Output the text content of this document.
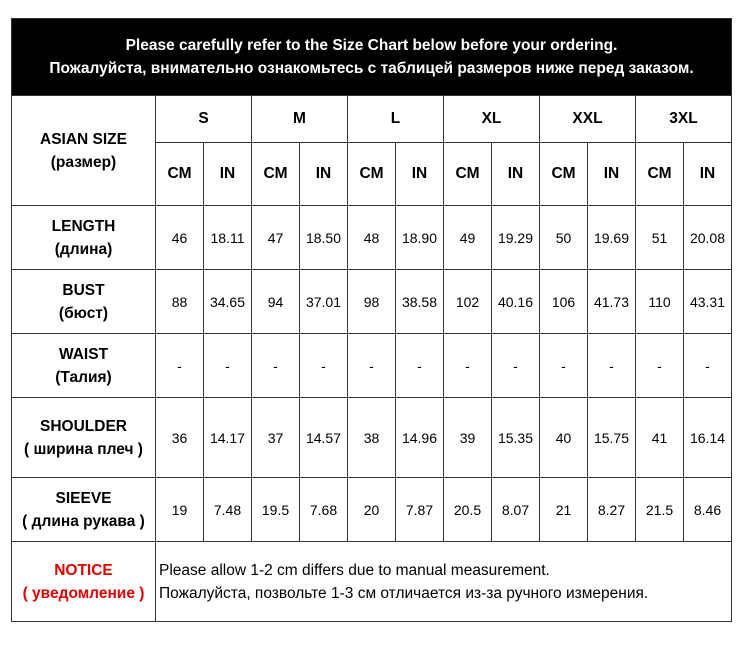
Please carefully refer to the Size Chart below before your ordering.
Пожалуйста, внимательно ознакомьтесь с таблицей размеров ниже перед заказом.												

ASIAN SIZE
(размер)	S		M		L		XL		XXL		3XL	
	CM	IN	CM	IN	CM	IN	CM	IN	CM	IN	CM	IN

LENGTH
(длина)	46	18.11	47	18.50	48	18.90	49	19.29	50	19.69	51	20.08

BUST
(бюст)	88	34.65	94	37.01	98	38.58	102	40.16	106	41.73	110	43.31

WAIST
(Талия)	-	-	-	-	-	-	-	-	-	-	-	-

SHOULDER
( ширина плеч )	36	14.17	37	14.57	38	14.96	39	15.35	40	15.75	41	16.14

SIEEVE
( длина рукава )	19	7.48	19.5	7.68	20	7.87	20.5	8.07	21	8.27	21.5	8.46

NOTICE
( уведомление )	Please allow 1-2 cm differs due to manual measurement.
Пожалуйста, позвольте 1-3 см отличается из-за ручного измерения.											
